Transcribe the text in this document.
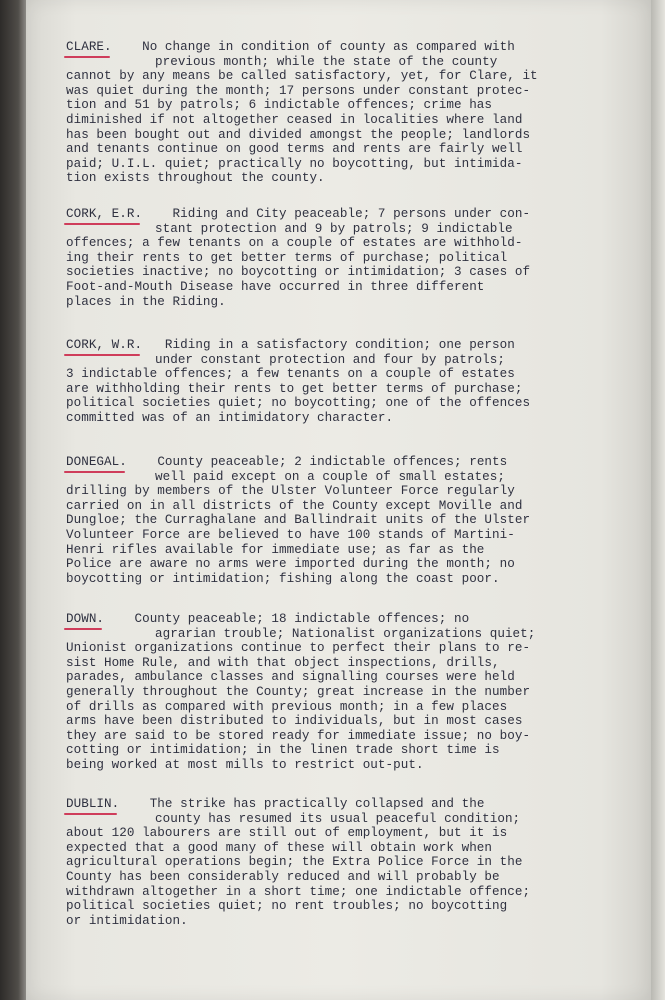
CLARE. No change in condition of county as compared with
previous month; while the state of the county
cannot by any means be called satisfactory, yet, for Clare, it
was quiet during the month; 17 persons under constant protec-
tion and 51 by patrols; 6 indictable offences; crime has
diminished if not altogether ceased in localities where land
has been bought out and divided amongst the people; landlords
and tenants continue on good terms and rents are fairly well
paid; U.I.L. quiet; practically no boycotting, but intimida-
tion exists throughout the county.
CORK, E.R. Riding and City peaceable; 7 persons under con-
stant protection and 9 by patrols; 9 indictable
offences; a few tenants on a couple of estates are withhold-
ing their rents to get better terms of purchase; political
societies inactive; no boycotting or intimidation; 3 cases of
Foot-and-Mouth Disease have occurred in three different
places in the Riding.
CORK, W.R. Riding in a satisfactory condition; one person
under constant protection and four by patrols;
3 indictable offences; a few tenants on a couple of estates
are withholding their rents to get better terms of purchase;
political societies quiet; no boycotting; one of the offences
committed was of an intimidatory character.
DONEGAL. County peaceable; 2 indictable offences; rents
well paid except on a couple of small estates;
drilling by members of the Ulster Volunteer Force regularly
carried on in all districts of the County except Moville and
Dungloe; the Curraghalane and Ballindrait units of the Ulster
Volunteer Force are believed to have 100 stands of Martini-
Henri rifles available for immediate use; as far as the
Police are aware no arms were imported during the month; no
boycotting or intimidation; fishing along the coast poor.
DOWN. County peaceable; 18 indictable offences; no
agrarian trouble; Nationalist organizations quiet;
Unionist organizations continue to perfect their plans to re-
sist Home Rule, and with that object inspections, drills,
parades, ambulance classes and signalling courses were held
generally throughout the County; great increase in the number
of drills as compared with previous month; in a few places
arms have been distributed to individuals, but in most cases
they are said to be stored ready for immediate issue; no boy-
cotting or intimidation; in the linen trade short time is
being worked at most mills to restrict out-put.
DUBLIN. The strike has practically collapsed and the
county has resumed its usual peaceful condition;
about 120 labourers are still out of employment, but it is
expected that a good many of these will obtain work when
agricultural operations begin; the Extra Police Force in the
County has been considerably reduced and will probably be
withdrawn altogether in a short time; one indictable offence;
political societies quiet; no rent troubles; no boycotting
or intimidation.
